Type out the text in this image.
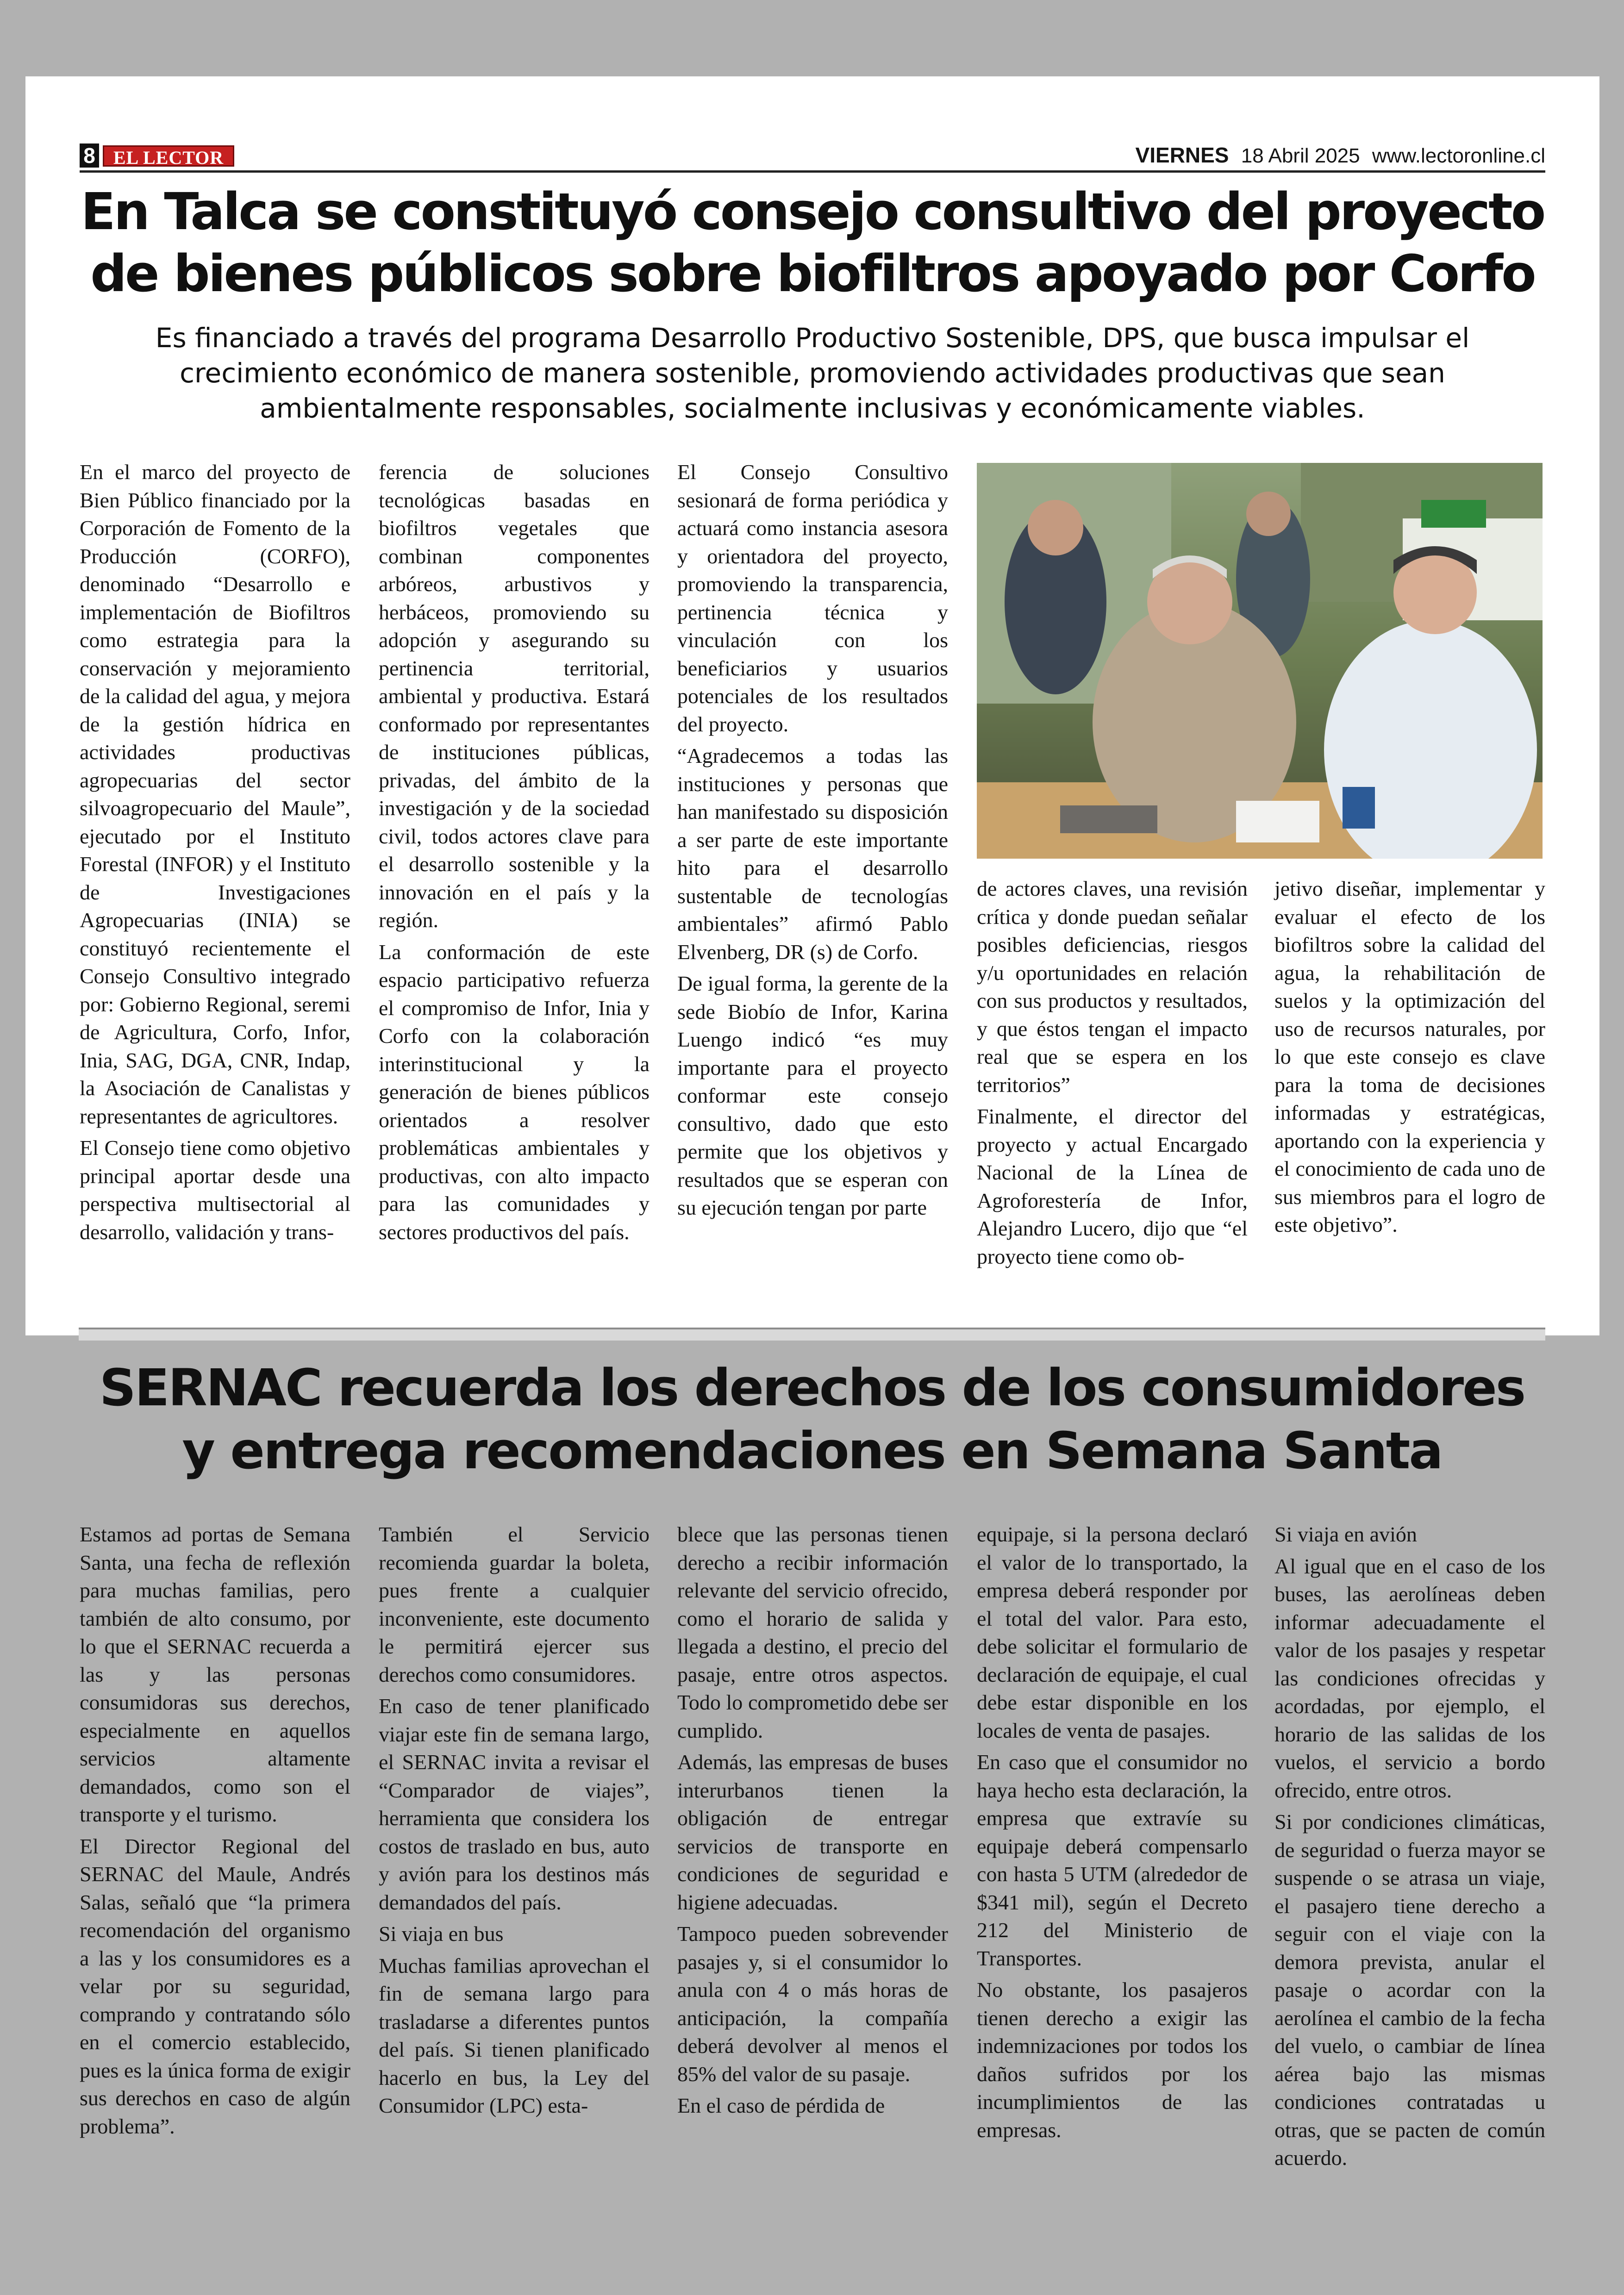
8 EL LECTOR	VIERNES 18 Abril 2025 www.lectoronline.cl
En Talca se constituyó consejo consultivo del proyecto de bienes públicos sobre biofiltros apoyado por Corfo
Es financiado a través del programa Desarrollo Productivo Sostenible, DPS, que busca impulsar el crecimiento económico de manera sostenible, promoviendo actividades productivas que sean ambientalmente responsables, socialmente inclusivas y económicamente viables.

En el marco del proyecto de Bien Público financiado por la Corporación de Fomento de la Producción (CORFO), denominado “Desarrollo e implementación de Biofiltros como estrategia para la conservación y mejoramiento de la calidad del agua, y mejora de la gestión hídrica en actividades productivas agropecuarias del sector silvoagropecuario del Maule”, ejecutado por el Instituto Forestal (INFOR) y el Instituto de Investigaciones Agropecuarias (INIA) se constituyó recientemente el Consejo Consultivo integrado por: Gobierno Regional, seremi de Agricultura, Corfo, Infor, Inia, SAG, DGA, CNR, Indap, la Asociación de Canalistas y representantes de agricultores.

El Consejo tiene como objetivo principal aportar desde una perspectiva multisectorial al desarrollo, validación y trans-

ferencia de soluciones tecnológicas basadas en biofiltros vegetales que combinan componentes arbóreos, arbustivos y herbáceos, promoviendo su adopción y asegurando su pertinencia territorial, ambiental y productiva. Estará conformado por representantes de instituciones públicas, privadas, del ámbito de la investigación y de la sociedad civil, todos actores clave para el desarrollo sostenible y la innovación en el país y la región.

La conformación de este espacio participativo refuerza el compromiso de Infor, Inia y Corfo con la colaboración interinstitucional y la generación de bienes públicos orientados a resolver problemáticas ambientales y productivas, con alto impacto para las comunidades y sectores productivos del país.

El Consejo Consultivo sesionará de forma periódica y actuará como instancia asesora y orientadora del proyecto, promoviendo la transparencia, pertinencia técnica y vinculación con los beneficiarios y usuarios potenciales de los resultados del proyecto.

“Agradecemos a todas las instituciones y personas que han manifestado su disposición a ser parte de este importante hito para el desarrollo sustentable de tecnologías ambientales” afirmó Pablo Elvenberg, DR (s) de Corfo.

De igual forma, la gerente de la sede Biobío de Infor, Karina Luengo indicó “es muy importante para el proyecto conformar este consejo consultivo, dado que esto permite que los objetivos y resultados que se esperan con su ejecución tengan por parte

de actores claves, una revisión crítica y donde puedan señalar posibles deficiencias, riesgos y/u oportunidades en relación con sus productos y resultados, y que éstos tengan el impacto real que se espera en los territorios”

Finalmente, el director del proyecto y actual Encargado Nacional de la Línea de Agroforestería de Infor, Alejandro Lucero, dijo que “el proyecto tiene como ob-

jetivo diseñar, implementar y evaluar el efecto de los biofiltros sobre la calidad del agua, la rehabilitación de suelos y la optimización del uso de recursos naturales, por lo que este consejo es clave para la toma de decisiones informadas y estratégicas, aportando con la experiencia y el conocimiento de cada uno de sus miembros para el logro de este objetivo”.

SERNAC recuerda los derechos de los consumidores y entrega recomendaciones en Semana Santa

Estamos ad portas de Semana Santa, una fecha de reflexión para muchas familias, pero también de alto consumo, por lo que el SERNAC recuerda a las y las personas consumidoras sus derechos, especialmente en aquellos servicios altamente demandados, como son el transporte y el turismo.

El Director Regional del SERNAC del Maule, Andrés Salas, señaló que “la primera recomendación del organismo a las y los consumidores es a velar por su seguridad, comprando y contratando sólo en el comercio establecido, pues es la única forma de exigir sus derechos en caso de algún problema”.

También el Servicio recomienda guardar la boleta, pues frente a cualquier inconveniente, este documento le permitirá ejercer sus derechos como consumidores.

En caso de tener planificado viajar este fin de semana largo, el SERNAC invita a revisar el “Comparador de viajes”, herramienta que considera los costos de traslado en bus, auto y avión para los destinos más demandados del país.

Si viaja en bus

Muchas familias aprovechan el fin de semana largo para trasladarse a diferentes puntos del país. Si tienen planificado hacerlo en bus, la Ley del Consumidor (LPC) esta-

blece que las personas tienen derecho a recibir información relevante del servicio ofrecido, como el horario de salida y llegada a destino, el precio del pasaje, entre otros aspectos. Todo lo comprometido debe ser cumplido.

Además, las empresas de buses interurbanos tienen la obligación de entregar servicios de transporte en condiciones de seguridad e higiene adecuadas.

Tampoco pueden sobrevender pasajes y, si el consumidor lo anula con 4 o más horas de anticipación, la compañía deberá devolver al menos el 85% del valor de su pasaje.

En el caso de pérdida de

equipaje, si la persona declaró el valor de lo transportado, la empresa deberá responder por el total del valor. Para esto, debe solicitar el formulario de declaración de equipaje, el cual debe estar disponible en los locales de venta de pasajes.

En caso que el consumidor no haya hecho esta declaración, la empresa que extravíe su equipaje deberá compensarlo con hasta 5 UTM (alrededor de $341 mil), según el Decreto 212 del Ministerio de Transportes.

No obstante, los pasajeros tienen derecho a exigir las indemnizaciones por todos los daños sufridos por los incumplimientos de las empresas.

Si viaja en avión

Al igual que en el caso de los buses, las aerolíneas deben informar adecuadamente el valor de los pasajes y respetar las condiciones ofrecidas y acordadas, por ejemplo, el horario de las salidas de los vuelos, el servicio a bordo ofrecido, entre otros.

Si por condiciones climáticas, de seguridad o fuerza mayor se suspende o se atrasa un viaje, el pasajero tiene derecho a seguir con el viaje con la demora prevista, anular el pasaje o acordar con la aerolínea el cambio de la fecha del vuelo, o cambiar de línea aérea bajo las mismas condiciones contratadas u otras, que se pacten de común acuerdo.
